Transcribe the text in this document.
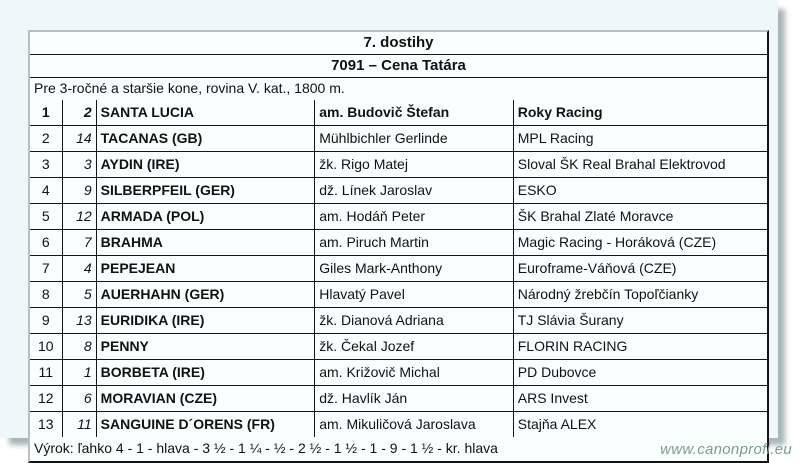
7. dostihy				
7091 – Cena Tatára				
Pre 3-ročné a staršie kone, rovina V. kat., 1800 m.				
1	2	SANTA LUCIA	am. Budovič Štefan	Roky Racing
2	14	TACANAS (GB)	Mühlbichler Gerlinde	MPL Racing
3	3	AYDIN (IRE)	žk. Rigo Matej	Sloval ŠK Real Brahal Elektrovod
4	9	SILBERPFEIL (GER)	dž. Línek Jaroslav	ESKO
5	12	ARMADA (POL)	am. Hodáň Peter	ŠK Brahal Zlaté Moravce
6	7	BRAHMA	am. Piruch Martin	Magic Racing - Horáková (CZE)
7	4	PEPEJEAN	Giles Mark-Anthony	Euroframe-Váňová (CZE)
8	5	AUERHAHN (GER)	Hlavatý Pavel	Národný žrebčín Topoľčianky
9	13	EURIDIKA (IRE)	žk. Dianová Adriana	TJ Slávia Šurany
10	8	PENNY	žk. Čekal Jozef	FLORIN RACING
11	1	BORBETA (IRE)	am. Križovič Michal	PD Dubovce
12	6	MORAVIAN (CZE)	dž. Havlík Ján	ARS Invest
13	11	SANGUINE D´ORENS (FR)	am. Mikuličová Jaroslava	Stajňa ALEX
Výrok: ľahko 4 - 1 - hlava - 3 ½ - 1 ¼ - ½ - 2 ½ - 1 ½ - 1 - 9 - 1 ½ - kr. hlava					www.canonprofi.eu
